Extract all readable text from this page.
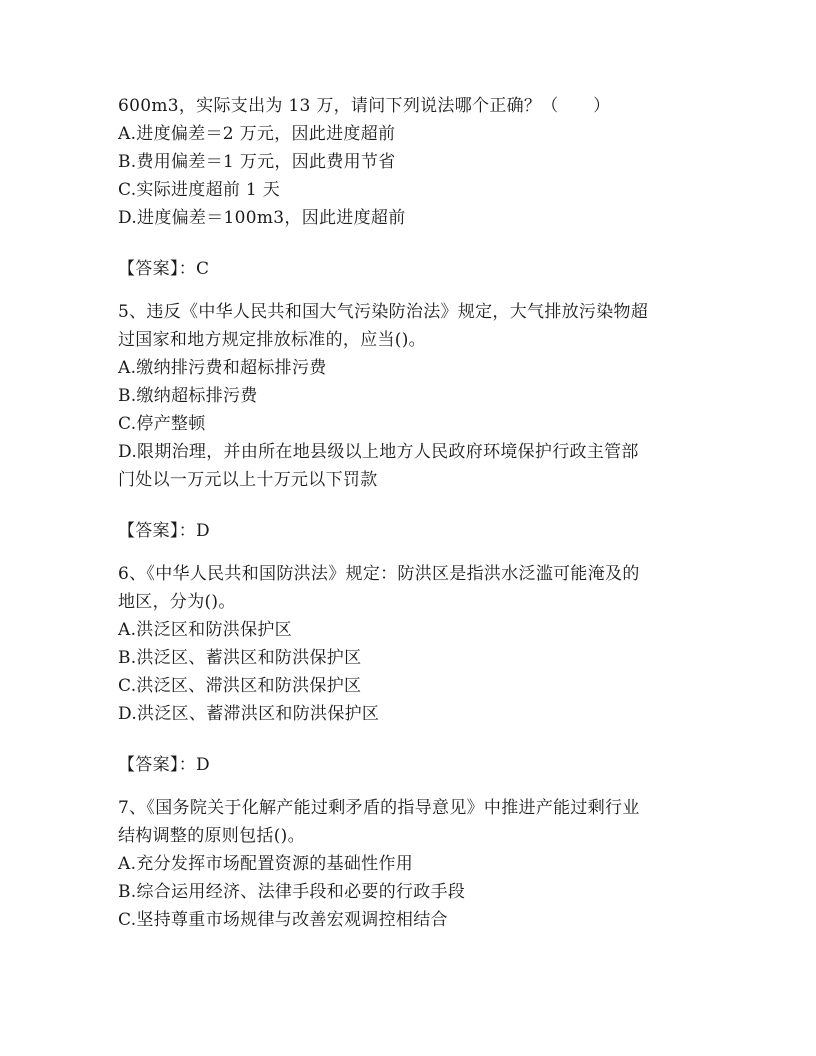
600m3，实际支出为 13 万，请问下列说法哪个正确？（　　）
A.进度偏差＝2 万元，因此进度超前
B.费用偏差＝1 万元，因此费用节省
C.实际进度超前 1 天
D.进度偏差＝100m3，因此进度超前
【答案】：C
5、违反《中华人民共和国大气污染防治法》规定，大气排放污染物超
过国家和地方规定排放标准的，应当()。
A.缴纳排污费和超标排污费
B.缴纳超标排污费
C.停产整顿
D.限期治理，并由所在地县级以上地方人民政府环境保护行政主管部
门处以一万元以上十万元以下罚款
【答案】：D
6、《中华人民共和国防洪法》规定：防洪区是指洪水泛滥可能淹及的
地区，分为()。
A.洪泛区和防洪保护区
B.洪泛区、蓄洪区和防洪保护区
C.洪泛区、滞洪区和防洪保护区
D.洪泛区、蓄滞洪区和防洪保护区
【答案】：D
7、《国务院关于化解产能过剩矛盾的指导意见》中推进产能过剩行业
结构调整的原则包括()。
A.充分发挥市场配置资源的基础性作用
B.综合运用经济、法律手段和必要的行政手段
C.坚持尊重市场规律与改善宏观调控相结合
